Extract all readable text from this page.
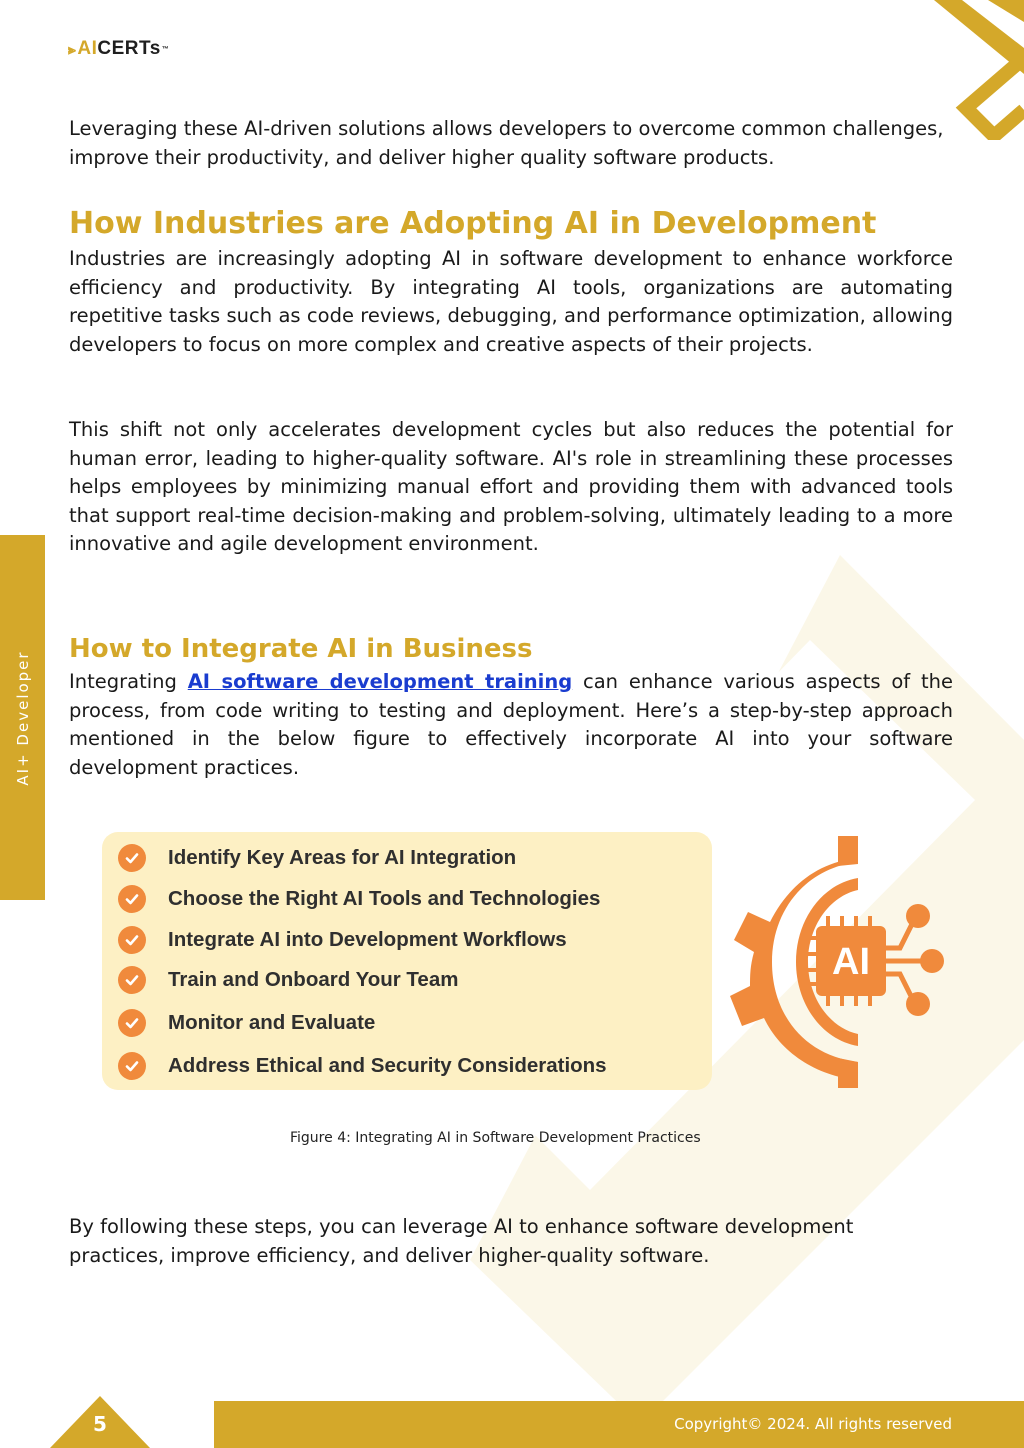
⫸ AI CERTs ™
AI+ Developer

Leveraging these AI-driven solutions allows developers to overcome common challenges, improve their productivity, and deliver higher quality software products.

How Industries are Adopting AI in Development

Industries are increasingly adopting AI in software development to enhance workforce efficiency and productivity. By integrating AI tools, organizations are automating repetitive tasks such as code reviews, debugging, and performance optimization, allowing developers to focus on more complex and creative aspects of their projects.

This shift not only accelerates development cycles but also reduces the potential for human error, leading to higher-quality software. AI's role in streamlining these processes helps employees by minimizing manual effort and providing them with advanced tools that support real-time decision-making and problem-solving, ultimately leading to a more innovative and agile development environment.

How to Integrate AI in Business

Integrating AI software development training can enhance various aspects of the process, from code writing to testing and deployment. Here’s a step-by-step approach mentioned in the below figure to effectively incorporate AI into your software development practices.

Identify Key Areas for AI Integration
Choose the Right AI Tools and Technologies
Integrate AI into Development Workflows
Train and Onboard Your Team
Monitor and Evaluate
Address Ethical and Security Considerations
AI
Figure 4: Integrating AI in Software Development Practices

By following these steps, you can leverage AI to enhance software development practices, improve efficiency, and deliver higher-quality software.

5	Copyright© 2024. All rights reserved
